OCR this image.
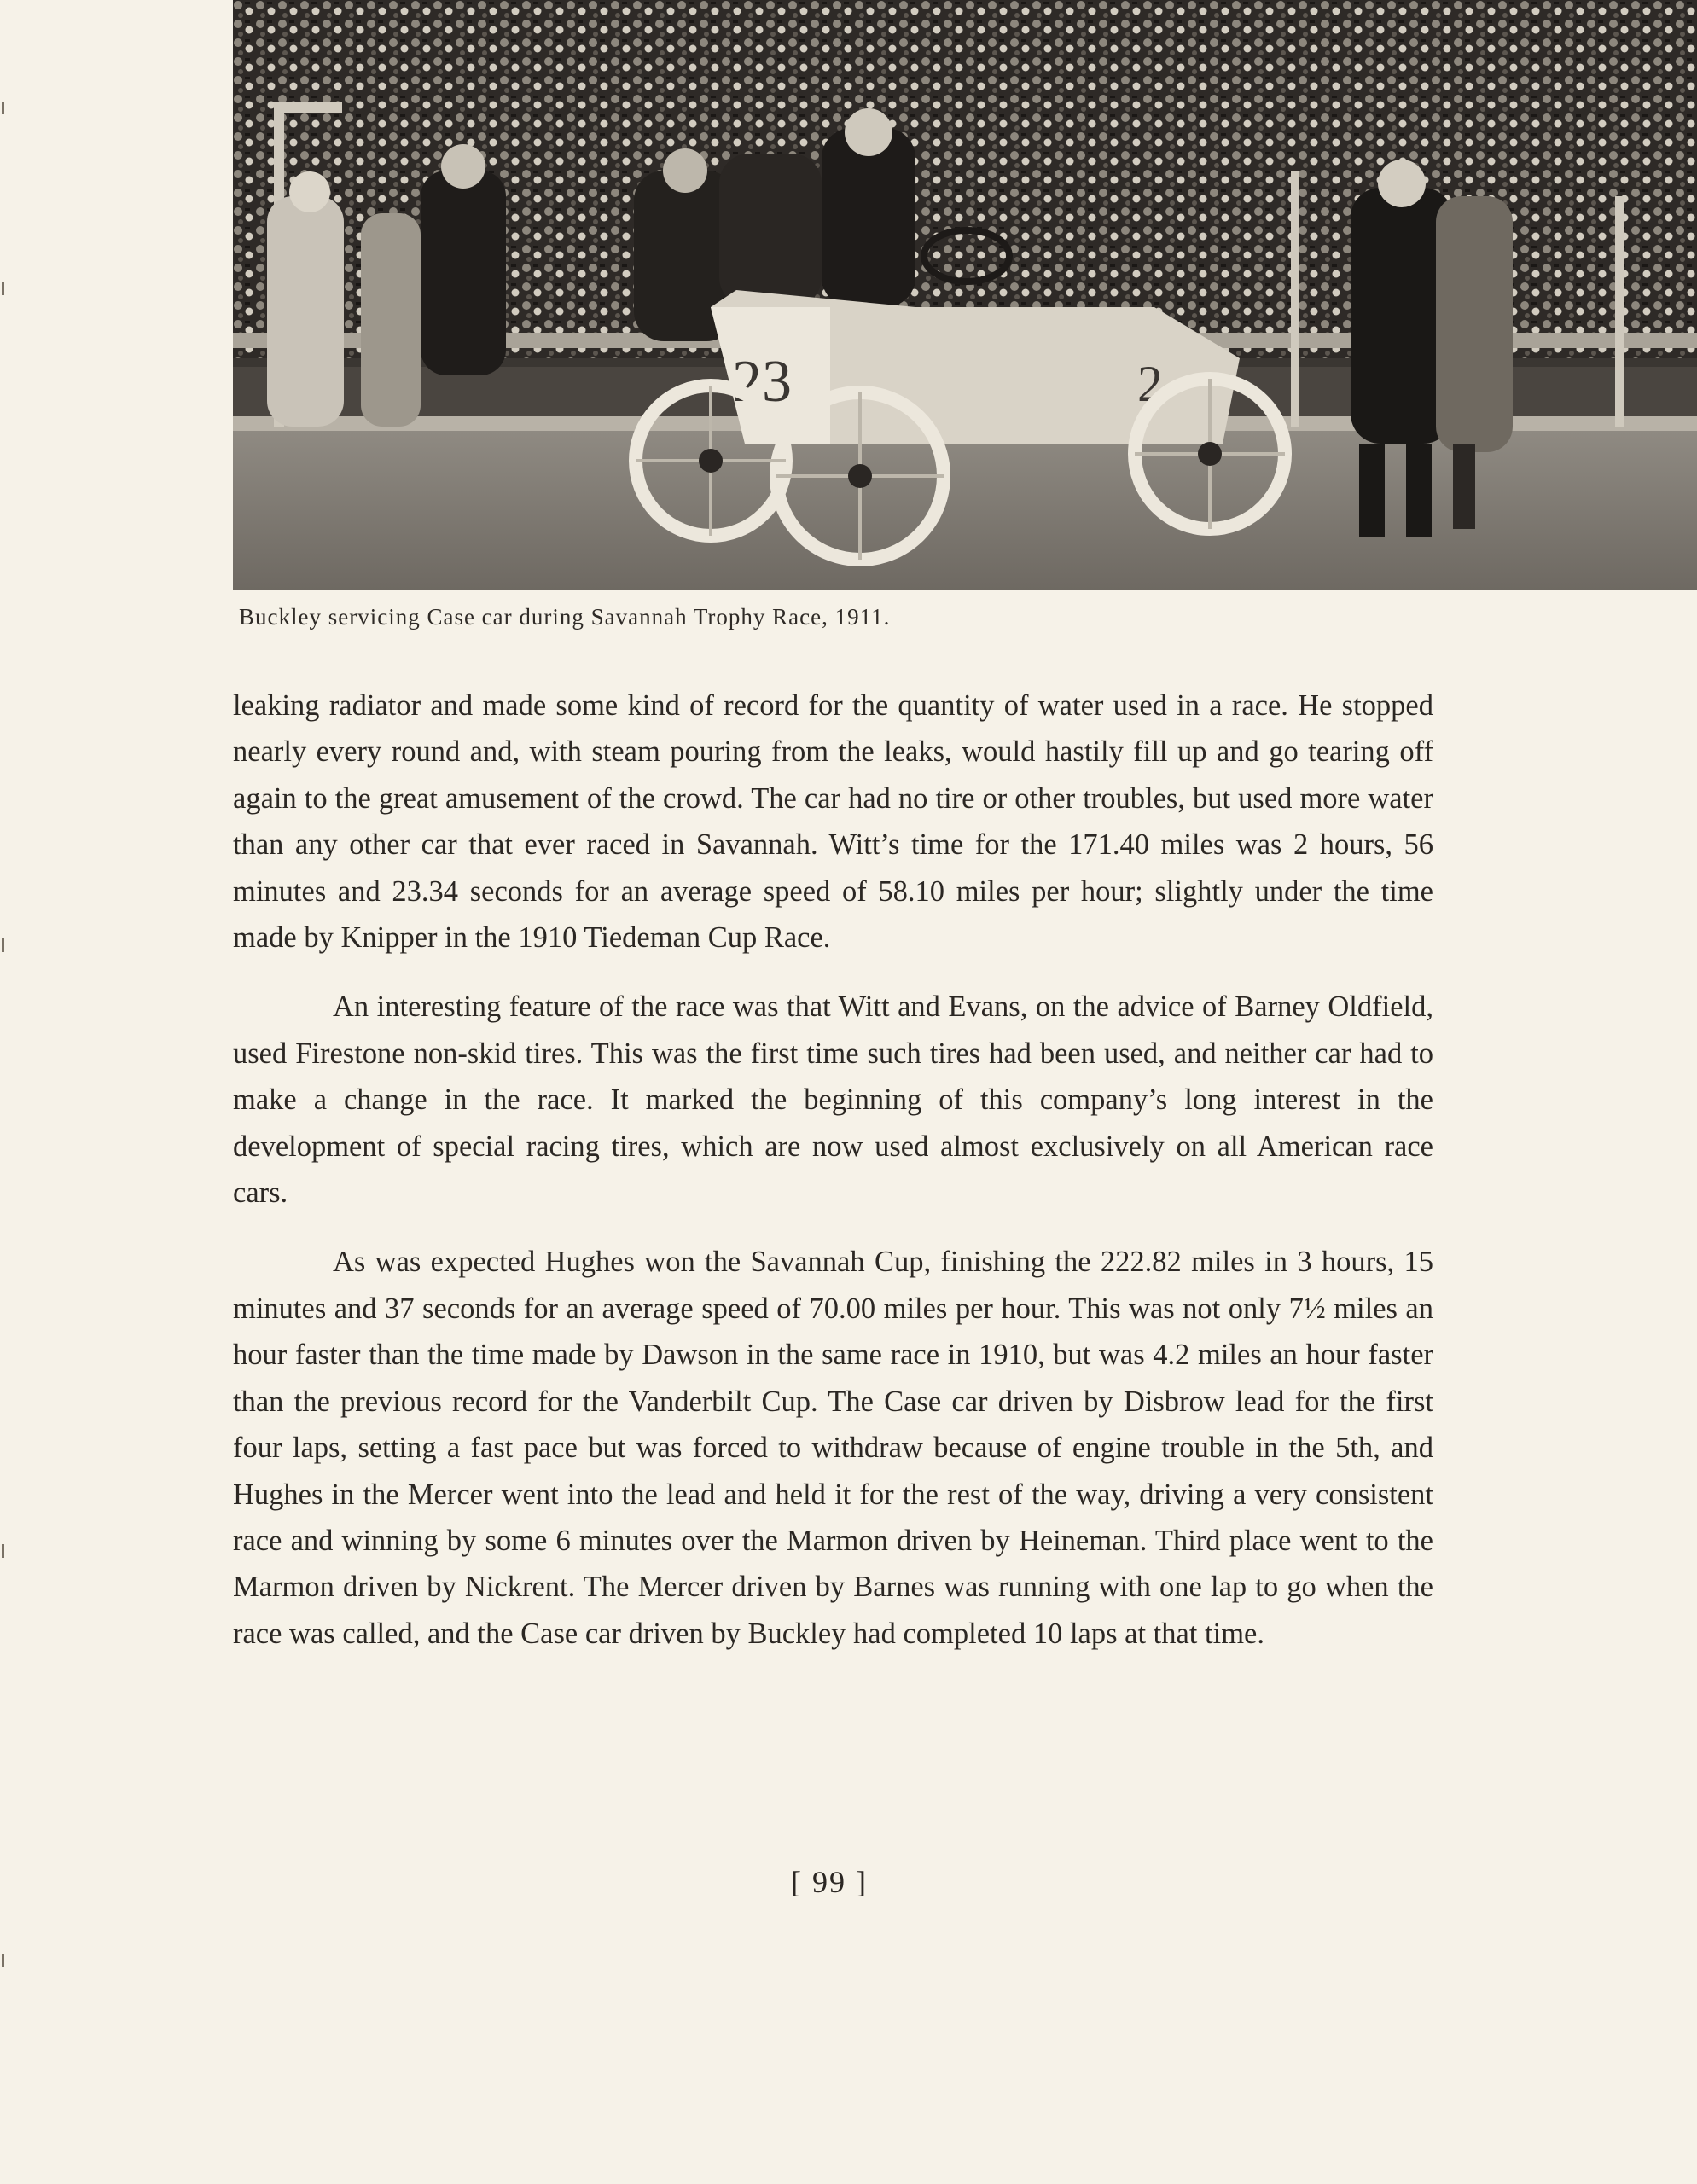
23	2
Buckley servicing Case car during Savannah Trophy Race, 1911.

leaking radiator and made some kind of record for the quantity of water used in a race. He stopped nearly every round and, with steam pouring from the leaks, would hastily fill up and go tearing off again to the great amusement of the crowd. The car had no tire or other troubles, but used more water than any other car that ever raced in Savannah. Witt’s time for the 171.40 miles was 2 hours, 56 minutes and 23.34 seconds for an average speed of 58.10 miles per hour; slightly under the time made by Knipper in the 1910 Tiedeman Cup Race.

An interesting feature of the race was that Witt and Evans, on the advice of Barney Oldfield, used Firestone non-skid tires. This was the first time such tires had been used, and neither car had to make a change in the race. It marked the beginning of this company’s long interest in the development of special racing tires, which are now used almost exclusively on all American race cars.

As was expected Hughes won the Savannah Cup, finishing the 222.82 miles in 3 hours, 15 minutes and 37 seconds for an average speed of 70.00 miles per hour. This was not only 7½ miles an hour faster than the time made by Dawson in the same race in 1910, but was 4.2 miles an hour faster than the previous record for the Vanderbilt Cup. The Case car driven by Disbrow lead for the first four laps, setting a fast pace but was forced to withdraw because of engine trouble in the 5th, and Hughes in the Mercer went into the lead and held it for the rest of the way, driving a very consistent race and winning by some 6 minutes over the Marmon driven by Heineman. Third place went to the Marmon driven by Nickrent. The Mercer driven by Barnes was running with one lap to go when the race was called, and the Case car driven by Buckley had completed 10 laps at that time.

[ 99 ]
